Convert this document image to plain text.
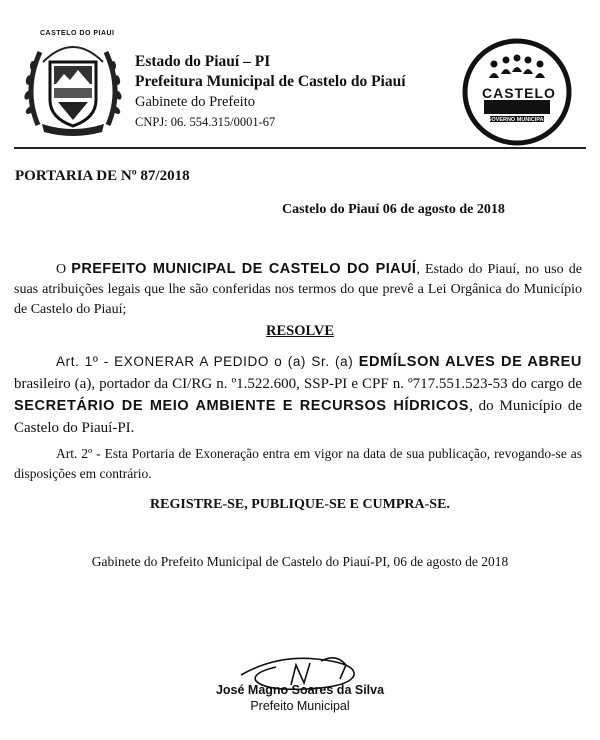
CASTELO DO PIAUI
Estado do Piauí – PI
Prefeitura Municipal de Castelo do Piauí
Gabinete do Prefeito
CNPJ: 06. 554.315/0001-67
CASTELO
GOVERNO MUNICIPAL
PORTARIA DE Nº 87/2018
Castelo do Piauí 06 de agosto de 2018
O PREFEITO MUNICIPAL DE CASTELO DO PIAUÍ, Estado do Piauí, no uso de suas atribuições legais que lhe são conferidas nos termos do que prevê a Lei Orgânica do Município de Castelo do Piauí;
RESOLVE
Art. 1º - EXONERAR A PEDIDO o (a) Sr. (a) EDMÍLSON ALVES DE ABREU brasileiro (a), portador da CI/RG n. º1.522.600, SSP-PI e CPF n. º717.551.523-53 do cargo de SECRETÁRIO DE MEIO AMBIENTE E RECURSOS HÍDRICOS, do Município de Castelo do Piauí-PI.
Art. 2º - Esta Portaria de Exoneração entra em vigor na data de sua publicação, revogando-se as disposições em contrário.
REGISTRE-SE, PUBLIQUE-SE E CUMPRA-SE.
Gabinete do Prefeito Municipal de Castelo do Piauí-PI, 06 de agosto de 2018
José Magno Soares da Silva
Prefeito Municipal
